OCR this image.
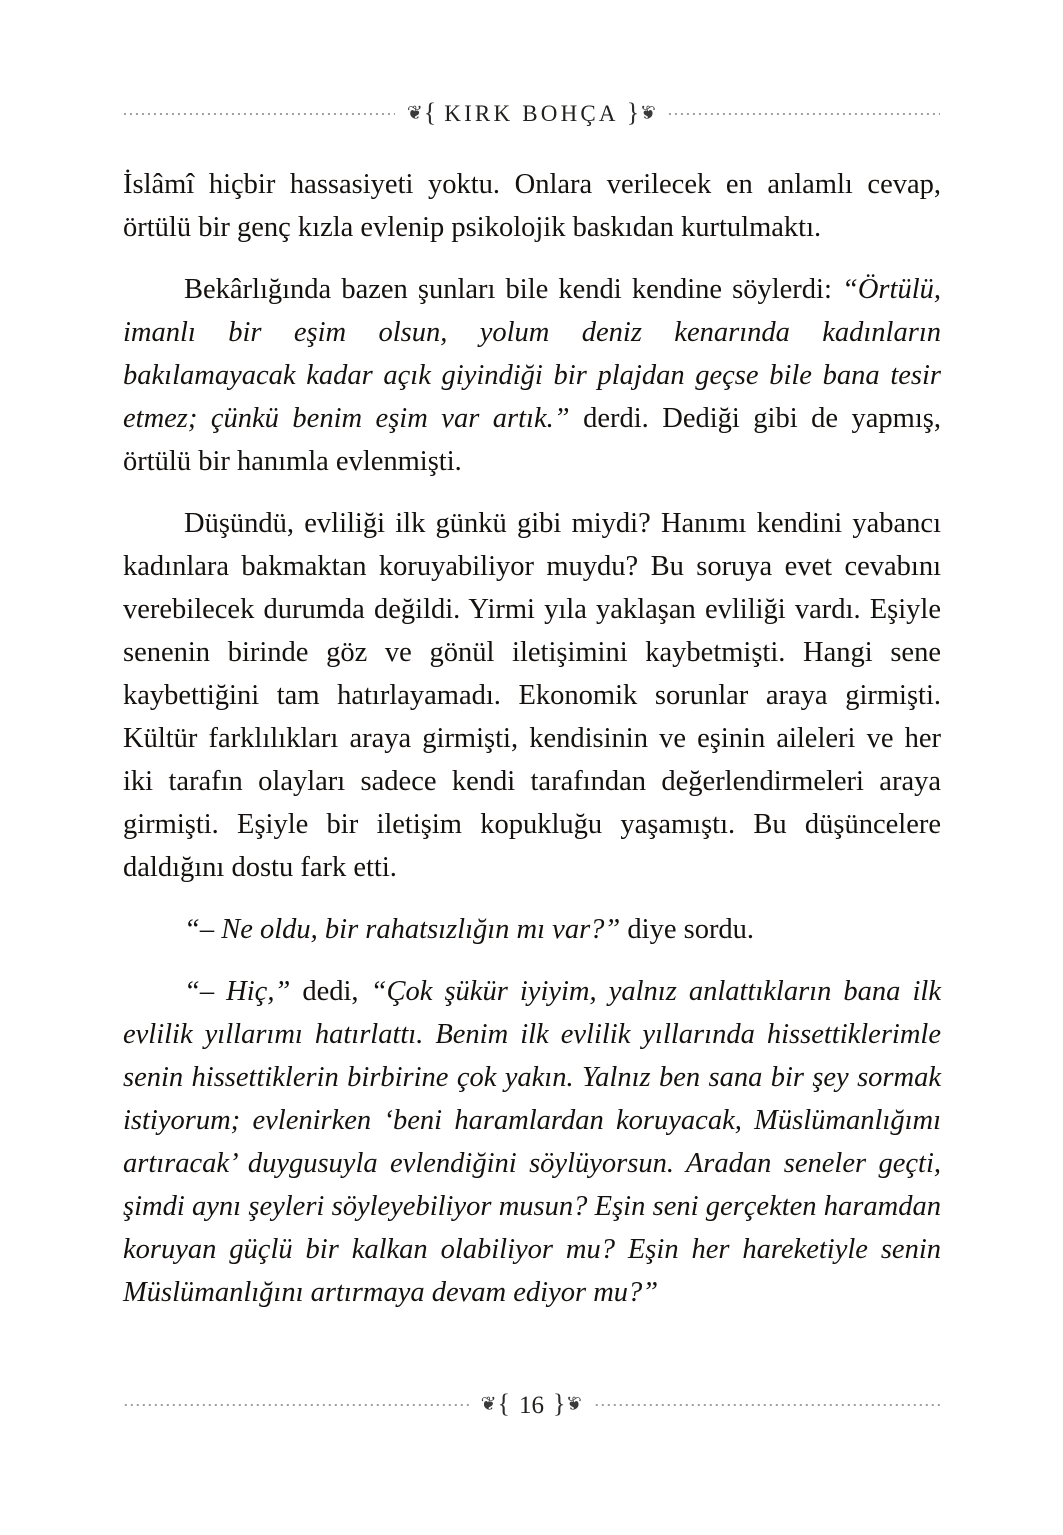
❦ { KIRK BOHÇA } ❦

İslâmî hiçbir hassasiyeti yoktu. Onlara verilecek en anlamlı cevap, örtülü bir genç kızla evlenip psikolojik baskıdan kurtulmaktı.

Bekârlığında bazen şunları bile kendi kendine söylerdi: “Örtülü, imanlı bir eşim olsun, yolum deniz kenarında kadınların bakılamayacak kadar açık giyindiği bir plajdan geçse bile bana tesir etmez; çünkü benim eşim var artık.” derdi. Dediği gibi de yapmış, örtülü bir hanımla evlenmişti.

Düşündü, evliliği ilk günkü gibi miydi? Hanımı kendini yabancı kadınlara bakmaktan koruyabiliyor muydu? Bu soruya evet cevabını verebilecek durumda değildi. Yirmi yıla yaklaşan evliliği vardı. Eşiyle senenin birinde göz ve gönül iletişimini kaybetmişti. Hangi sene kaybettiğini tam hatırlayamadı. Ekonomik sorunlar araya girmişti. Kültür farklılıkları araya girmişti, kendisinin ve eşinin aileleri ve her iki tarafın olayları sadece kendi tarafından değerlendirmeleri araya girmişti. Eşiyle bir iletişim kopukluğu yaşamıştı. Bu düşüncelere daldığını dostu fark etti.

“– Ne oldu, bir rahatsızlığın mı var?” diye sordu.

“– Hiç,” dedi, “Çok şükür iyiyim, yalnız anlattıkların bana ilk evlilik yıllarımı hatırlattı. Benim ilk evlilik yıllarında hissettiklerimle senin hissettiklerin birbirine çok yakın. Yalnız ben sana bir şey sormak istiyorum; evlenirken ‘beni haramlardan koruyacak, Müslümanlığımı artıracak’ duygusuyla evlendiğini söylüyorsun. Aradan seneler geçti, şimdi aynı şeyleri söyleyebiliyor musun? Eşin seni gerçekten haramdan koruyan güçlü bir kalkan olabiliyor mu? Eşin her hareketiyle senin Müslümanlığını artırmaya devam ediyor mu?”

❦ { 16 } ❦
